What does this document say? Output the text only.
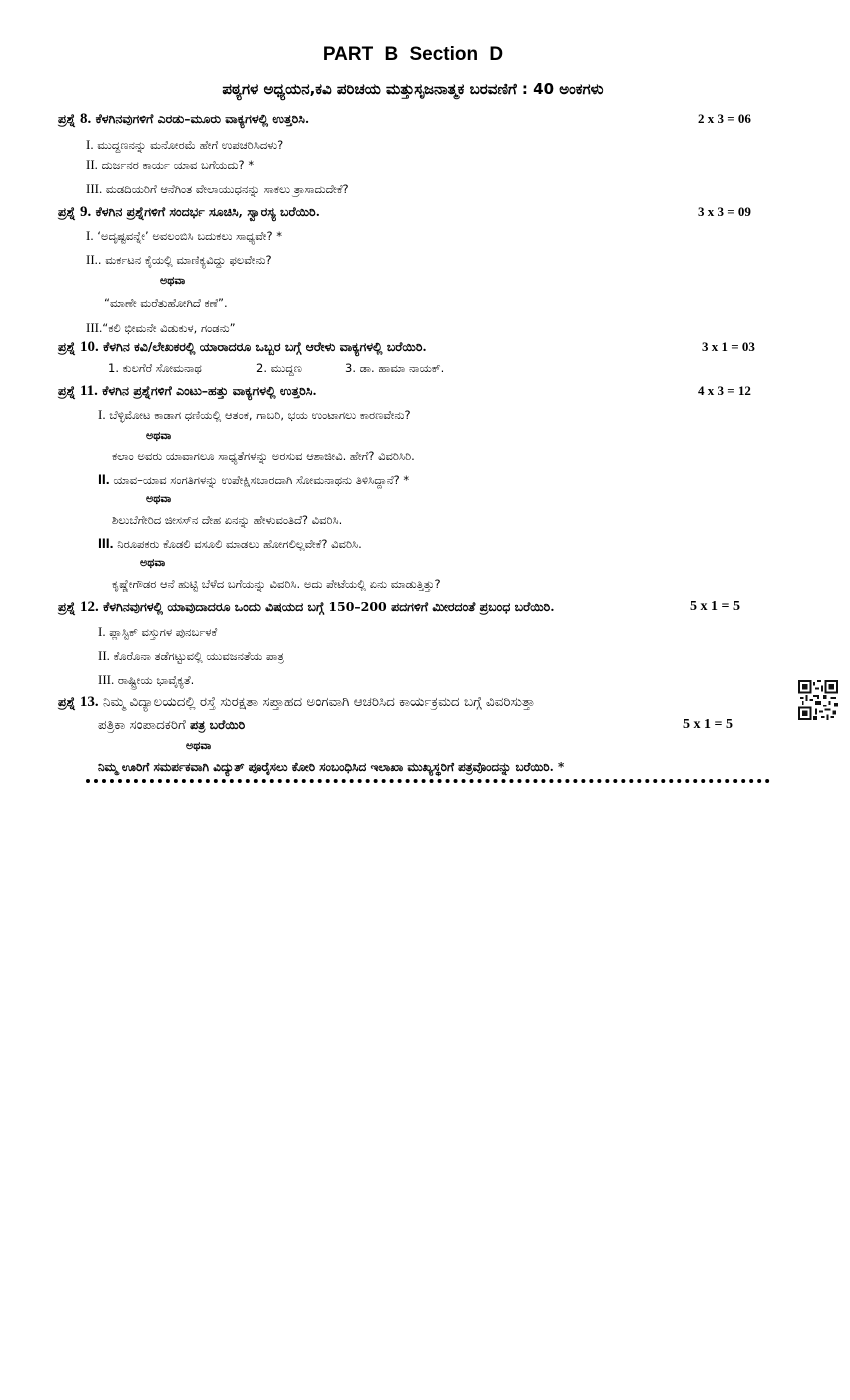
PART B Section D
ಪಠ್ಯಗಳ ಅಧ್ಯಯನ,ಕವಿ ಪರಿಚಯ ಮತ್ತುಸೃಜನಾತ್ಮಕ ಬರವಣಿಗೆ : 40 ಅಂಕಗಳು
ಪ್ರಶ್ನೆ 8. ಕೆಳಗಿನವುಗಳಿಗೆ ಎರಡು–ಮೂರು ವಾಕ್ಯಗಳಲ್ಲಿ ಉತ್ತರಿಸಿ.	2 x 3 = 06
I. ಮುದ್ದಣನನ್ನು ಮನೋರಮೆ ಹೇಗೆ ಉಪಚರಿಸಿದಳು?
II. ದುರ್ಜನರ ಕಾರ್ಯ ಯಾವ ಬಗೆಯದು? *
III. ಮಡದಿಯರಿಗೆ ಆನೆಗಿಂತ ವೇಲಾಯುಧನನ್ನು ಸಾಕಲು ತ್ರಾಸಾದುದೇಕೆ?
ಪ್ರಶ್ನೆ 9. ಕೆಳಗಿನ ಪ್ರಶ್ನೆಗಳಿಗೆ ಸಂದರ್ಭ ಸೂಚಿಸಿ, ಸ್ವಾರಸ್ಯ ಬರೆಯಿರಿ.	3 x 3 = 09
I. ‘ಅದೃಷ್ಟವನ್ನೇ’ ಅವಲಂಬಿಸಿ ಬದುಕಲು ಸಾಧ್ಯವೇ? *
II.. ಮರ್ಕಟನ ಕೈಯಲ್ಲಿ ಮಾಣಿಕ್ಯವಿದ್ದು ಫಲವೇನು?
ಅಥವಾ
“ಮಾಣೇ ಮರೆತುಹೋಗಿದೆ ಕಣೆ”.
III.“ಕಲಿ ಭೀಮನೇ ವಿಡುಕುಳ, ಗಂಡನು”
ಪ್ರಶ್ನೆ 10. ಕೆಳಗಿನ ಕವಿ/ಲೇಖಕರಲ್ಲಿ ಯಾರಾದರೂ ಒಬ್ಬರ ಬಗ್ಗೆ ಆರೇಳು ವಾಕ್ಯಗಳಲ್ಲಿ ಬರೆಯಿರಿ.	3 x 1 = 03
1. ಕುಲಗೆರೆ ಸೋಮನಾಥ	2. ಮುದ್ದಣ	3. ಡಾ. ಹಾಮಾ ನಾಯಕ್.
ಪ್ರಶ್ನೆ 11. ಕೆಳಗಿನ ಪ್ರಶ್ನೆಗಳಿಗೆ ಎಂಟು–ಹತ್ತು ವಾಕ್ಯಗಳಲ್ಲಿ ಉತ್ತರಿಸಿ.	4 x 3 = 12
I. ಬೆಳ್ಳಿಮೋಟ ಕಾಡಾಗ ಧಣಿಯಲ್ಲಿ ಆತಂಕ, ಗಾಬರಿ, ಭಯ ಉಂಟಾಗಲು ಕಾರಣವೇನು?
ಅಥವಾ
ಕಲಾಂ ಅವರು ಯಾವಾಗಲೂ ಸಾಧ್ಯತೆಗಳನ್ನು ಅರಸುವ ಆಶಾಜೀವಿ. ಹೇಗೆ? ವಿವರಿಸಿರಿ.
II. ಯಾವ–ಯಾವ ಸಂಗತಿಗಳನ್ನು ಉಪೇಕ್ಷಿಸಬಾರದಾಗಿ ಸೋಮನಾಥನು ತಿಳಿಸಿದ್ದಾನೆ? *
ಅಥವಾ
ಶಿಲುಬೆಗೇರಿದ ಜೀಸಸ್‌ನ ದೇಹ ಏನನ್ನು ಹೇಳುವಂತಿದೆ? ವಿವರಿಸಿ.
III. ನಿರೂಪಕರು ಕೊಡಲಿ ವಸೂಲಿ ಮಾಡಲು ಹೋಗಲಿಲ್ಲವೇಕೆ? ವಿವರಿಸಿ.
ಅಥವಾ
ಕೃಷ್ಣೇಗೌಡರ ಆನೆ ಹುಟ್ಟಿ ಬೆಳೆದ ಬಗೆಯನ್ನು ವಿವರಿಸಿ. ಅದು ಪೇಟೆಯಲ್ಲಿ ಏನು ಮಾಡುತ್ತಿತ್ತು?
ಪ್ರಶ್ನೆ 12. ಕೆಳಗಿನವುಗಳಲ್ಲಿ ಯಾವುದಾದರೂ ಒಂದು ವಿಷಯದ ಬಗ್ಗೆ 150–200 ಪದಗಳಿಗೆ ಮೀರದಂತೆ ಪ್ರಬಂಧ ಬರೆಯಿರಿ.	5 x 1 = 5
I. ಪ್ಲಾಸ್ಟಿಕ್ ವಸ್ತುಗಳ ಪುನರ್ಬಳಕೆ
II. ಕೊರೊನಾ ತಡೆಗಟ್ಟುವಲ್ಲಿ ಯುವಜನತೆಯ ಪಾತ್ರ
III. ರಾಷ್ಟ್ರೀಯ ಭಾವೈಕ್ಯತೆ.
ಪ್ರಶ್ನೆ 13. ನಿಮ್ಮ ವಿದ್ಯಾಲಯದಲ್ಲಿ ರಸ್ತೆ ಸುರಕ್ಷತಾ ಸಪ್ತಾಹದ ಅಂಗವಾಗಿ ಆಚರಿಸಿದ ಕಾರ್ಯಕ್ರಮದ ಬಗ್ಗೆ ವಿವರಿಸುತ್ತಾ
ಪತ್ರಿಕಾ ಸಂಪಾದಕರಿಗೆ ಪತ್ರ ಬರೆಯಿರಿ	5 x 1 = 5
ಅಥವಾ
ನಿಮ್ಮ ಊರಿಗೆ ಸಮರ್ಪಕವಾಗಿ ವಿದ್ಯುತ್ ಪೂರೈಸಲು ಕೋರಿ ಸಂಬಂಧಿಸಿದ ಇಲಾಖಾ ಮುಖ್ಯಸ್ಥರಿಗೆ ಪತ್ರವೊಂದನ್ನು ಬರೆಯಿರಿ. *
